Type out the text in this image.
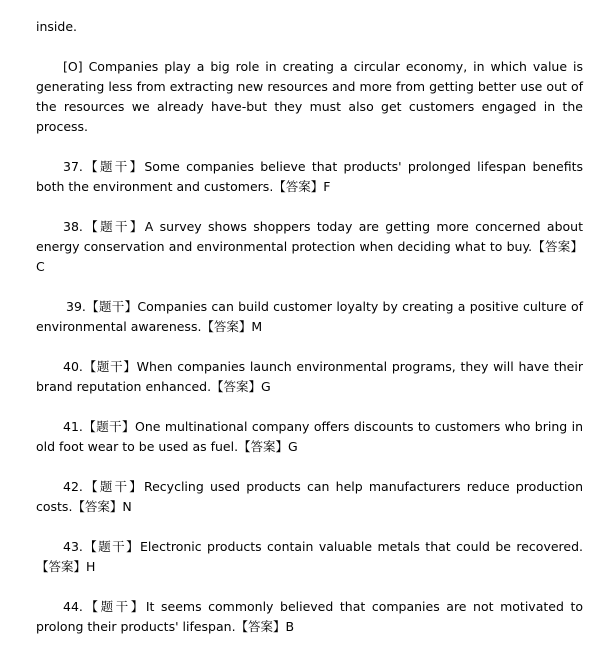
inside.

[O] Companies play a big role in creating a circular economy, in which value is generating less from extracting new resources and more from getting better use out of the resources we already have-but they must also get customers engaged in the process.

37.【题干】Some companies believe that products' prolonged lifespan benefits both the environment and customers.【答案】F

38.【题干】A survey shows shoppers today are getting more concerned about energy conservation and environmental protection when deciding what to buy.【答案】C

39.【题干】Companies can build customer loyalty by creating a positive culture of environmental awareness.【答案】M

40.【题干】When companies launch environmental programs, they will have their brand reputation enhanced.【答案】G

41.【题干】One multinational company offers discounts to customers who bring in old foot wear to be used as fuel.【答案】G

42.【题干】Recycling used products can help manufacturers reduce production costs.【答案】N

43.【题干】Electronic products contain valuable metals that could be recovered.【答案】H

44.【题干】It seems commonly believed that companies are not motivated to prolong their products' lifespan.【答案】B
